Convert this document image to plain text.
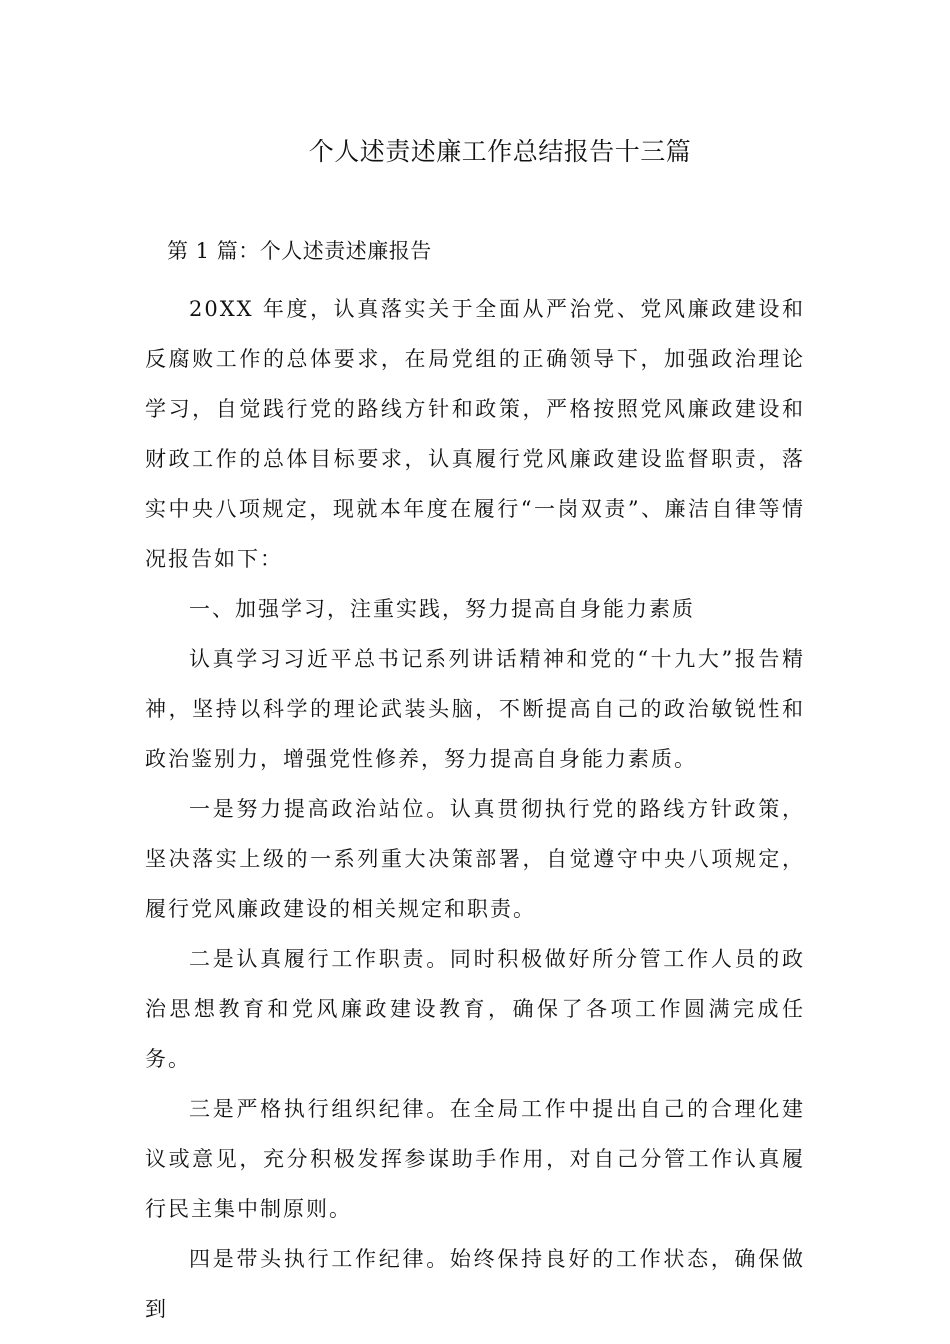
个人述责述廉工作总结报告十三篇

第 1 篇：个人述责述廉报告

20XX 年度，认真落实关于全面从严治党、党风廉政建设和反腐败工作的总体要求，在局党组的正确领导下，加强政治理论学习，自觉践行党的路线方针和政策，严格按照党风廉政建设和财政工作的总体目标要求，认真履行党风廉政建设监督职责，落实中央八项规定，现就本年度在履行“一岗双责”、廉洁自律等情况报告如下：

一、加强学习，注重实践，努力提高自身能力素质

认真学习习近平总书记系列讲话精神和党的“十九大”报告精神，坚持以科学的理论武装头脑，不断提高自己的政治敏锐性和政治鉴别力，增强党性修养，努力提高自身能力素质。

一是努力提高政治站位。认真贯彻执行党的路线方针政策，坚决落实上级的一系列重大决策部署，自觉遵守中央八项规定，履行党风廉政建设的相关规定和职责。

二是认真履行工作职责。同时积极做好所分管工作人员的政治思想教育和党风廉政建设教育，确保了各项工作圆满完成任务。

三是严格执行组织纪律。在全局工作中提出自己的合理化建议或意见，充分积极发挥参谋助手作用，对自己分管工作认真履行民主集中制原则。

四是带头执行工作纪律。始终保持良好的工作状态，确保做到
